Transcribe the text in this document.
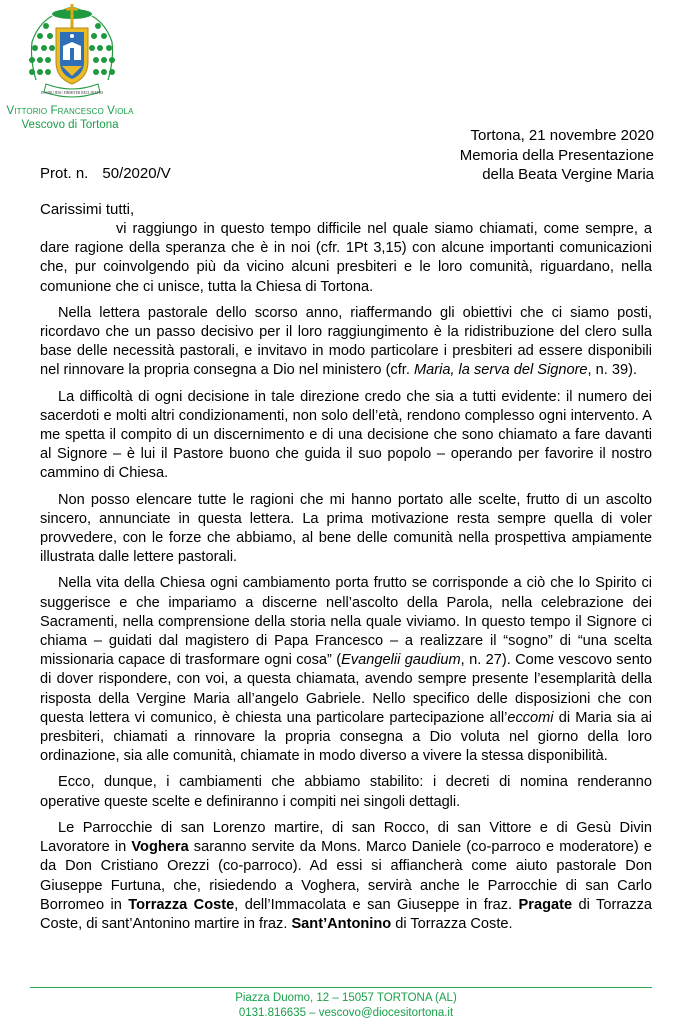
IN SINU IESU FIRMITER RECLINATUS
Vittorio Francesco Viola
Vescovo di Tortona
Tortona, 21 novembre 2020
Memoria della Presentazione
della Beata Vergine Maria
Prot. n. 50/2020/V
Carissimi tutti,

vi raggiungo in questo tempo difficile nel quale siamo chiamati, come sempre, a dare ragione della speranza che è in noi (cfr. 1Pt 3,15) con alcune importanti comunicazioni che, pur coinvolgendo più da vicino alcuni presbiteri e le loro comunità, riguardano, nella comunione che ci unisce, tutta la Chiesa di Tortona.

Nella lettera pastorale dello scorso anno, riaffermando gli obiettivi che ci siamo posti, ricordavo che un passo decisivo per il loro raggiungimento è la ridistribuzione del clero sulla base delle necessità pastorali, e invitavo in modo particolare i presbiteri ad essere disponibili nel rinnovare la propria consegna a Dio nel ministero (cfr. Maria, la serva del Signore, n. 39).

La difficoltà di ogni decisione in tale direzione credo che sia a tutti evidente: il numero dei sacerdoti e molti altri condizionamenti, non solo dell’età, rendono complesso ogni intervento. A me spetta il compito di un discernimento e di una decisione che sono chiamato a fare davanti al Signore – è lui il Pastore buono che guida il suo popolo – operando per favorire il nostro cammino di Chiesa.

Non posso elencare tutte le ragioni che mi hanno portato alle scelte, frutto di un ascolto sincero, annunciate in questa lettera. La prima motivazione resta sempre quella di voler provvedere, con le forze che abbiamo, al bene delle comunità nella prospettiva ampiamente illustrata dalle lettere pastorali.

Nella vita della Chiesa ogni cambiamento porta frutto se corrisponde a ciò che lo Spirito ci suggerisce e che impariamo a discerne nell’ascolto della Parola, nella celebrazione dei Sacramenti, nella comprensione della storia nella quale viviamo. In questo tempo il Signore ci chiama – guidati dal magistero di Papa Francesco – a realizzare il “sogno” di “una scelta missionaria capace di trasformare ogni cosa” (Evangelii gaudium, n. 27). Come vescovo sento di dover rispondere, con voi, a questa chiamata, avendo sempre presente l’esemplarità della risposta della Vergine Maria all’angelo Gabriele. Nello specifico delle disposizioni che con questa lettera vi comunico, è chiesta una particolare partecipazione all’eccomi di Maria sia ai presbiteri, chiamati a rinnovare la propria consegna a Dio voluta nel giorno della loro ordinazione, sia alle comunità, chiamate in modo diverso a vivere la stessa disponibilità.

Ecco, dunque, i cambiamenti che abbiamo stabilito: i decreti di nomina renderanno operative queste scelte e definiranno i compiti nei singoli dettagli.

Le Parrocchie di san Lorenzo martire, di san Rocco, di san Vittore e di Gesù Divin Lavoratore in Voghera saranno servite da Mons. Marco Daniele (co-parroco e moderatore) e da Don Cristiano Orezzi (co-parroco). Ad essi si affiancherà come aiuto pastorale Don Giuseppe Furtuna, che, risiedendo a Voghera, servirà anche le Parrocchie di san Carlo Borromeo in Torrazza Coste, dell’Immacolata e san Giuseppe in fraz. Pragate di Torrazza Coste, di sant’Antonino martire in fraz. Sant’Antonino di Torrazza Coste.

Piazza Duomo, 12 – 15057 TORTONA (AL)
0131.816635 – vescovo@diocesitortona.it
